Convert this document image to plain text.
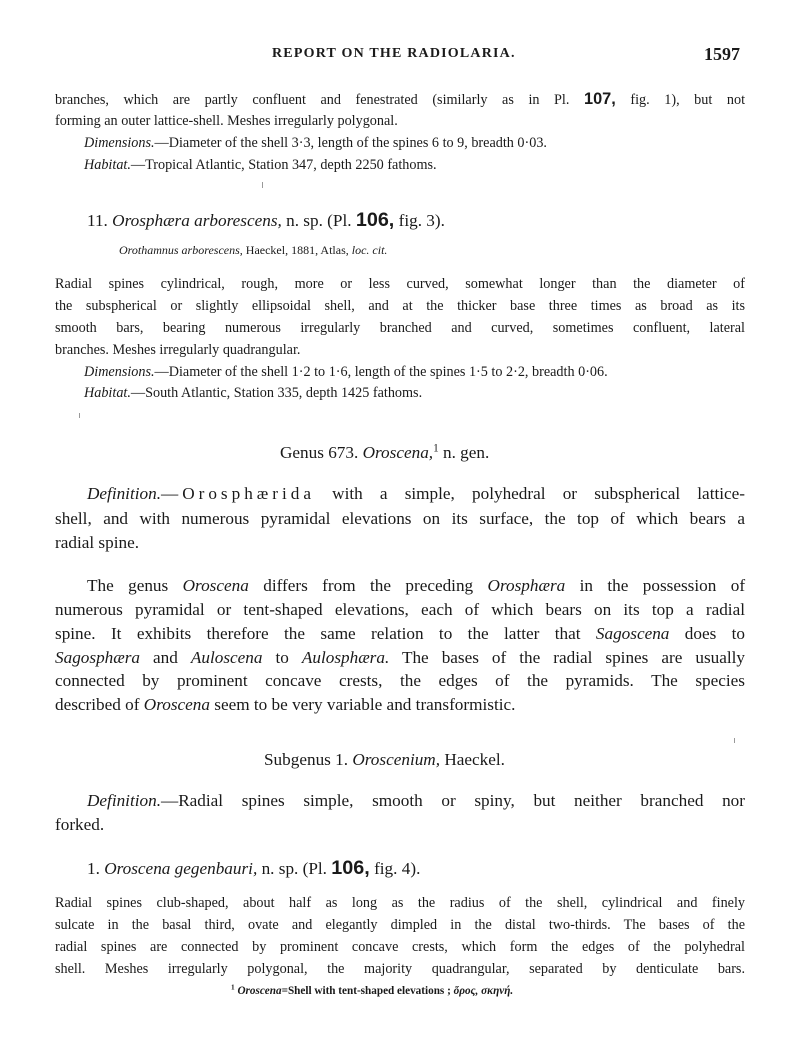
REPORT ON THE RADIOLARIA.	1597
branches, which are partly confluent and fenestrated (similarly as in Pl. 107, fig. 1), but not
forming an outer lattice-shell. Meshes irregularly polygonal.
Dimensions.—Diameter of the shell 3·3, length of the spines 6 to 9, breadth 0·03.
Habitat.—Tropical Atlantic, Station 347, depth 2250 fathoms.
11. Orosphæra arborescens, n. sp. (Pl. 106, fig. 3).
Orothamnus arborescens, Haeckel, 1881, Atlas, loc. cit.
Radial spines cylindrical, rough, more or less curved, somewhat longer than the diameter of
the subspherical or slightly ellipsoidal shell, and at the thicker base three times as broad as its
smooth bars, bearing numerous irregularly branched and curved, sometimes confluent, lateral
branches. Meshes irregularly quadrangular.
Dimensions.—Diameter of the shell 1·2 to 1·6, length of the spines 1·5 to 2·2, breadth 0·06.
Habitat.—South Atlantic, Station 335, depth 1425 fathoms.
Genus 673. Oroscena,$^1$ n. gen.
Definition.—Orosphærida with a simple, polyhedral or subspherical lattice-
shell, and with numerous pyramidal elevations on its surface, the top of which bears a
radial spine.
The genus Oroscena differs from the preceding Orosphæra in the possession of
numerous pyramidal or tent-shaped elevations, each of which bears on its top a radial
spine. It exhibits therefore the same relation to the latter that Sagoscena does to
Sagosphæra and Auloscena to Aulosphæra. The bases of the radial spines are usually
connected by prominent concave crests, the edges of the pyramids. The species
described of Oroscena seem to be very variable and transformistic.
Subgenus 1. Oroscenium, Haeckel.
Definition.—Radial spines simple, smooth or spiny, but neither branched nor
forked.
1. Oroscena gegenbauri, n. sp. (Pl. 106, fig. 4).
Radial spines club-shaped, about half as long as the radius of the shell, cylindrical and finely
sulcate in the basal third, ovate and elegantly dimpled in the distal two-thirds. The bases of the
radial spines are connected by prominent concave crests, which form the edges of the polyhedral
shell. Meshes irregularly polygonal, the majority quadrangular, separated by denticulate bars.
$^1$ Oroscena=Shell with tent-shaped elevations ; ὄρος, σκηνή.
